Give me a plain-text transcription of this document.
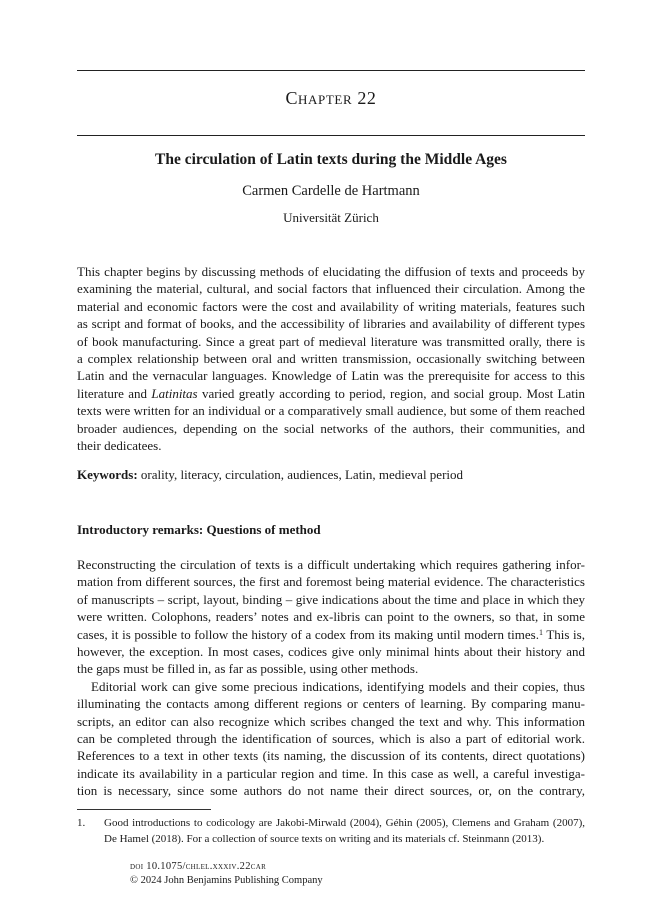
Chapter 22
The circulation of Latin texts during the Middle Ages
Carmen Cardelle de Hartmann
Universität Zürich
This chapter begins by discussing methods of elucidating the diffusion of texts and proceeds by
examining the material, cultural, and social factors that influenced their circulation. Among the
material and economic factors were the cost and availability of writing materials, features such
as script and format of books, and the accessibility of libraries and availability of different types
of book manufacturing. Since a great part of medieval literature was transmitted orally, there is
a complex relationship between oral and written transmission, occasionally switching between
Latin and the vernacular languages. Knowledge of Latin was the prerequisite for access to this
literature and Latinitas varied greatly according to period, region, and social group. Most Latin
texts were written for an individual or a comparatively small audience, but some of them reached
broader audiences, depending on the social networks of the authors, their communities, and
their dedicatees.
Keywords: orality, literacy, circulation, audiences, Latin, medieval period
Introductory remarks: Questions of method
Reconstructing the circulation of texts is a difficult undertaking which requires gathering infor-
mation from different sources, the first and foremost being material evidence. The characteristics
of manuscripts – script, layout, binding – give indications about the time and place in which they
were written. Colophons, readers’ notes and ex-libris can point to the owners, so that, in some
cases, it is possible to follow the history of a codex from its making until modern times.$^1$ This is,
however, the exception. In most cases, codices give only minimal hints about their history and
the gaps must be filled in, as far as possible, using other methods.
Editorial work can give some precious indications, identifying models and their copies, thus
illuminating the contacts among different regions or centers of learning. By comparing manu-
scripts, an editor can also recognize which scribes changed the text and why. This information
can be completed through the identification of sources, which is also a part of editorial work.
References to a text in other texts (its naming, the discussion of its contents, direct quotations)
indicate its availability in a particular region and time. In this case as well, a careful investiga-
tion is necessary, since some authors do not name their direct sources, or, on the contrary,
1. Good introductions to codicology are Jakobi-Mirwald (2004), Géhin (2005), Clemens and Graham (2007),
De Hamel (2018). For a collection of source texts on writing and its materials cf. Steinmann (2013).
doi 10.1075/chlel.xxxiv.22car
© 2024 John Benjamins Publishing Company
